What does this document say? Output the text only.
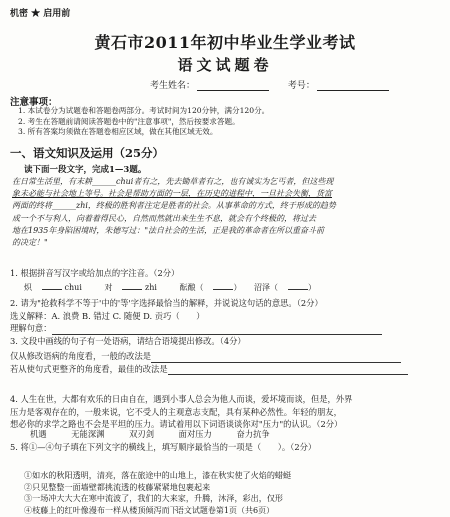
机密 ★ 启用前
黄石市2011年初中毕业生学业考试
语文试题卷
考生姓名：	考号：
注意事项：
1. 本试卷分为试题卷和答题卷两部分。考试时间为120分钟，满分120分。
2. 考生在答题前请阅读答题卷中的"注意事项"，然后按要求答题。
3. 所有答案均须做在答题卷相应区域，做在其他区域无效。
一、语文知识及运用（25分）
读下面一段文字，完成1—3题。
在日常生活里，有末耕______chui者有之，先去锄草者有之，也有诚实为乞丐者，但这些现
象未必能与社会地上等号。社会是帮助方面的一层，在历史的进程中，一旦社会失衡，货富
两面的终将______zhi，终极的胜利者注定是胜者的社会。从事革命的方式，终于形成的趋势
成一个不与利人，向着着得民心，自然而然就出来生生不息，就会有个终极的，将过去
地在1935年身陷困境时，朱德写过："法自社会的生活，正是我的革命者在所以重奋斗前
的决定！"
1. 根据拼音写汉字或给加点的字注音。（2分）
炽	chui	对	zhi	酝酿（	） 沼泽（	）
2. 请为"抢救科学不等于'中的'等'字选择最恰当的解释，并说说这句话的意思。（2分）
选义解释：A. 浪费 B. 错过 C. 随便 D. 贡巧（　　）
理解句意：
3. 文段中画线的句子有一处语病，请结合语境提出修改。（4分）
仅从修改语病的角度看，一般的改法是
若从使句式更整齐的角度看，最佳的改法是
4. 人生在世，大都有欢乐的日由自在，遇到小事人总会为他人而谈，爱坏境而谈，但是，外界
压力是客观存在的，一般来说，它不受人的主观意志支配，具有某种必然性。年轻的朋友，
想必你的求学之路也不会是平坦的压力。请试着用以下词语谈谈你对"压力"的认识。（2分）
机遇	无能深渊	双刃剑	面对压力	奋力抗争
5. 将①—④句子填在下列文字的横线上，填写顺序最恰当的一项是（　　）。（2分）
①如水的秋阳透明，清亮，落在旅途中的山地上，漆在秋实使了火焰的蜡蜓
②只见整整一面墙壁都挑流透的枝藤紧紧地包裹起来
③一场冲大大大在寒中流波了，我们的大来家，升腾，沐泽，彩出，仅形
④枝藤上的红叶像漫布一样从楼顶倾泻而下
语文试题卷第1页（共6页）
